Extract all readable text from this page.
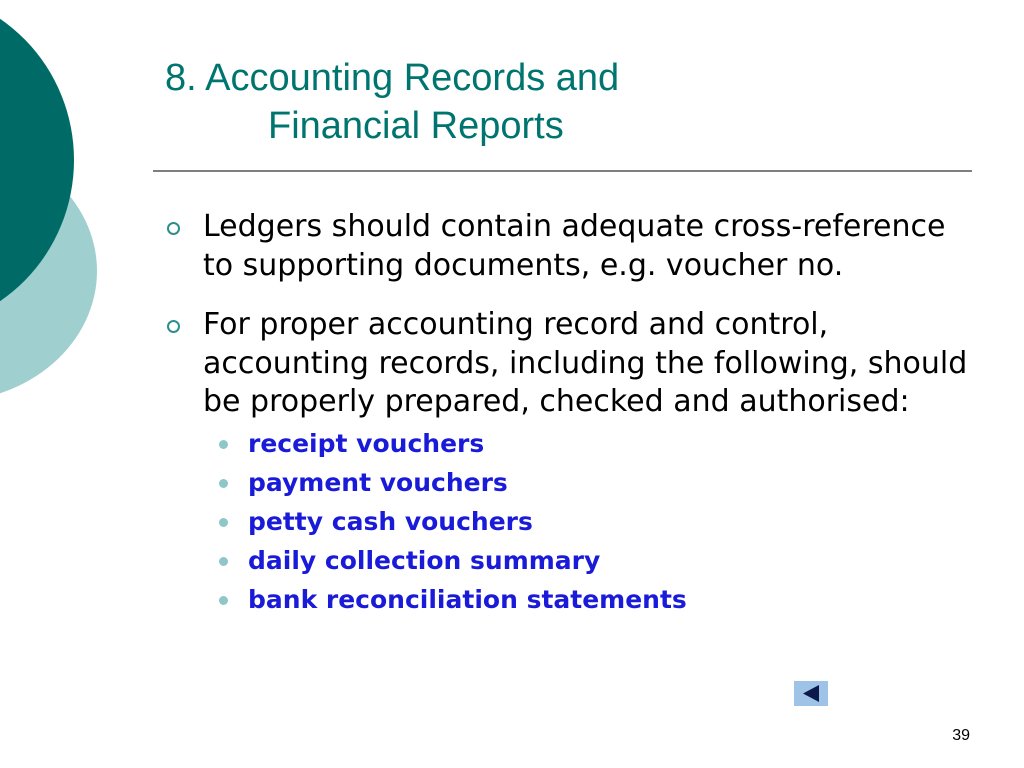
8. Accounting Records and
Financial Reports
Ledgers should contain adequate cross-reference to supporting documents, e.g. voucher no.
For proper accounting record and control, accounting records, including the following, should be properly prepared, checked and authorised:
receipt vouchers
payment vouchers
petty cash vouchers
daily collection summary
bank reconciliation statements
39
